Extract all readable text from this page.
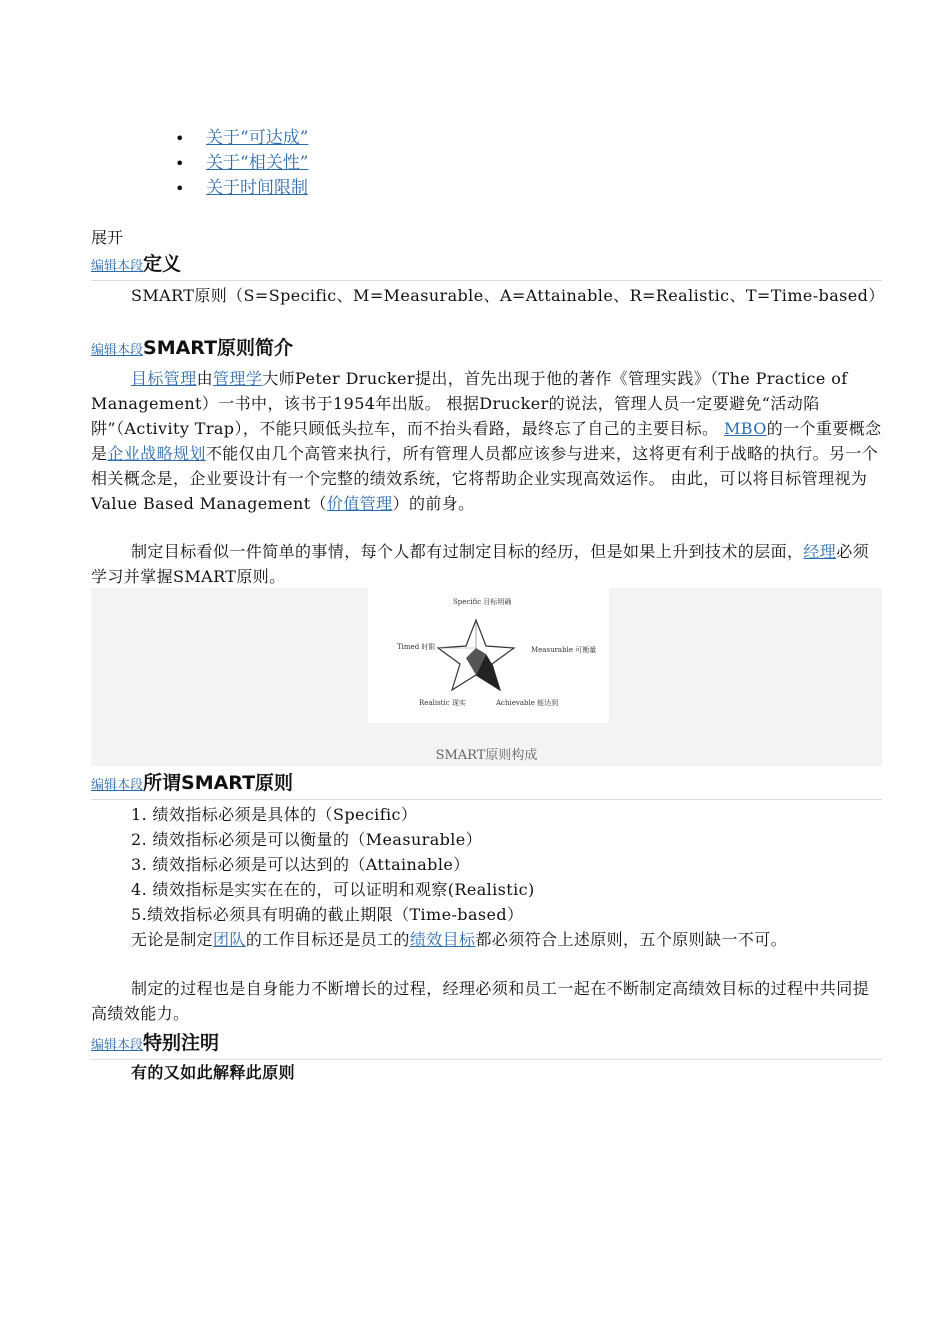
• 关于“可达成”
• 关于“相关性”
• 关于时间限制
展开
编辑本段定义

SMART原则（S=Specific、M=Measurable、A=Attainable、R=Realistic、T=Time-based）

编辑本段SMART原则简介

目标管理由管理学大师Peter Drucker提出，首先出现于他的著作《管理实践》（The Practice of Management）一书中，该书于1954年出版。 根据Drucker的说法，管理人员一定要避免“活动陷阱”（Activity Trap），不能只顾低头拉车，而不抬头看路，最终忘了自己的主要目标。 MBO的一个重要概念是企业战略规划不能仅由几个高管来执行，所有管理人员都应该参与进来，这将更有利于战略的执行。另一个相关概念是，企业要设计有一个完整的绩效系统，它将帮助企业实现高效运作。 由此，可以将目标管理视为Value Based Management（价值管理）的前身。

制定目标看似一件简单的事情，每个人都有过制定目标的经历，但是如果上升到技术的层面，经理必须学习并掌握SMART原则。

Specific 目标明确
Timed 时限	Measurable 可衡量
Realistic 现实	Achievable 能达到
SMART原则构成
编辑本段所谓SMART原则
1. 绩效指标必须是具体的（Specific）
2. 绩效指标必须是可以衡量的（Measurable）
3. 绩效指标必须是可以达到的（Attainable）
4. 绩效指标是实实在在的，可以证明和观察(Realistic)
5.绩效指标必须具有明确的截止期限（Time-based）

无论是制定团队的工作目标还是员工的绩效目标都必须符合上述原则，五个原则缺一不可。

制定的过程也是自身能力不断增长的过程，经理必须和员工一起在不断制定高绩效目标的过程中共同提高绩效能力。

编辑本段特别注明

有的又如此解释此原则
